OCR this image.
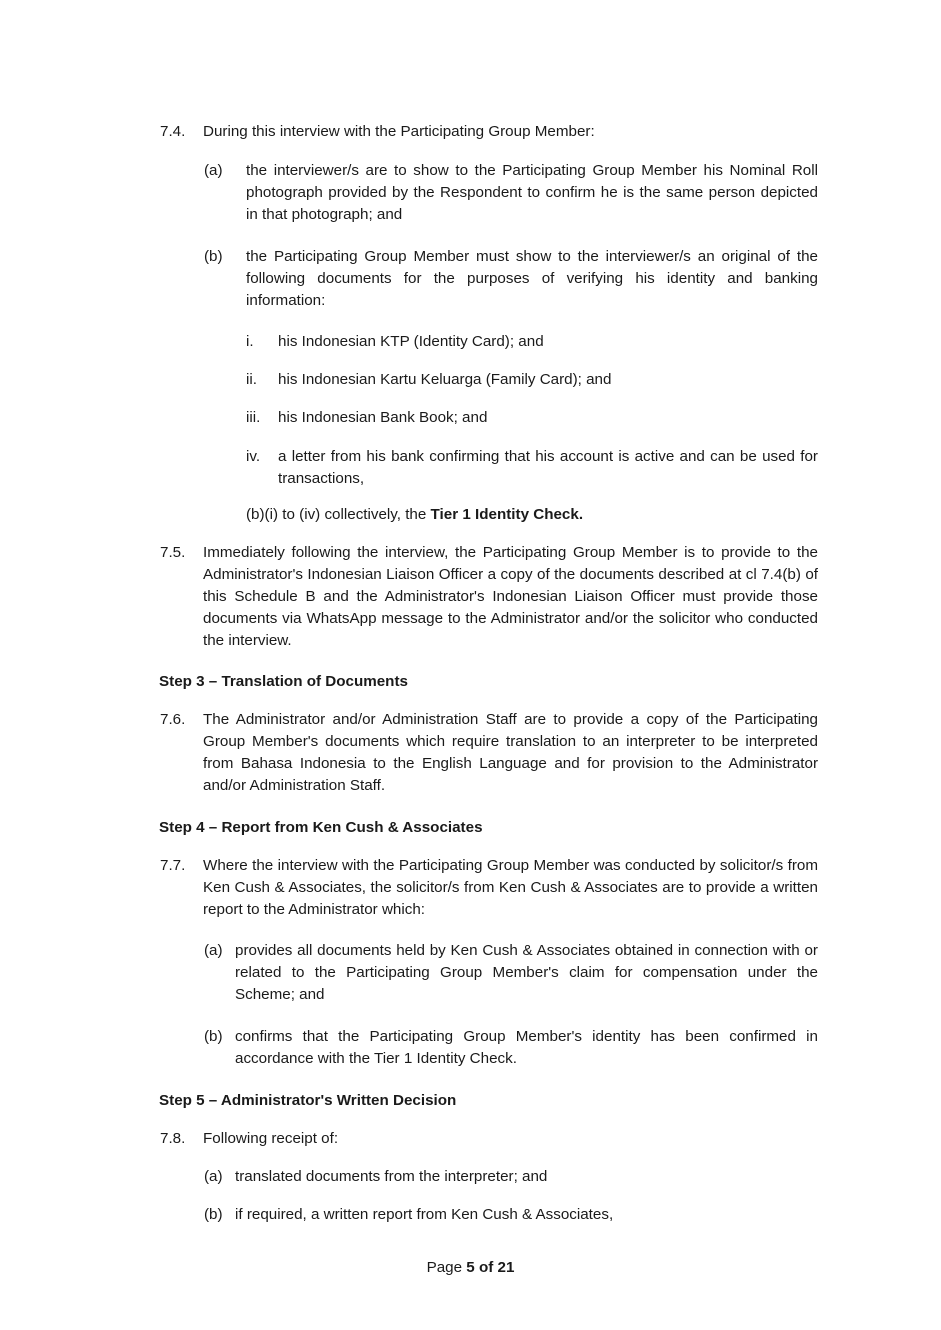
7.4. During this interview with the Participating Group Member:
(a) the interviewer/s are to show to the Participating Group Member his Nominal Roll photograph provided by the Respondent to confirm he is the same person depicted in that photograph; and
(b) the Participating Group Member must show to the interviewer/s an original of the following documents for the purposes of verifying his identity and banking information:
i. his Indonesian KTP (Identity Card); and
ii. his Indonesian Kartu Keluarga (Family Card); and
iii. his Indonesian Bank Book; and
iv. a letter from his bank confirming that his account is active and can be used for transactions,
(b)(i) to (iv) collectively, the Tier 1 Identity Check.
7.5. Immediately following the interview, the Participating Group Member is to provide to the Administrator's Indonesian Liaison Officer a copy of the documents described at cl 7.4(b) of this Schedule B and the Administrator's Indonesian Liaison Officer must provide those documents via WhatsApp message to the Administrator and/or the solicitor who conducted the interview.
Step 3 – Translation of Documents
7.6. The Administrator and/or Administration Staff are to provide a copy of the Participating Group Member's documents which require translation to an interpreter to be interpreted from Bahasa Indonesia to the English Language and for provision to the Administrator and/or Administration Staff.
Step 4 – Report from Ken Cush & Associates
7.7. Where the interview with the Participating Group Member was conducted by solicitor/s from Ken Cush & Associates, the solicitor/s from Ken Cush & Associates are to provide a written report to the Administrator which:
(a) provides all documents held by Ken Cush & Associates obtained in connection with or related to the Participating Group Member's claim for compensation under the Scheme; and
(b) confirms that the Participating Group Member's identity has been confirmed in accordance with the Tier 1 Identity Check.
Step 5 – Administrator's Written Decision
7.8. Following receipt of:
(a) translated documents from the interpreter; and
(b) if required, a written report from Ken Cush & Associates,
Page 5 of 21
